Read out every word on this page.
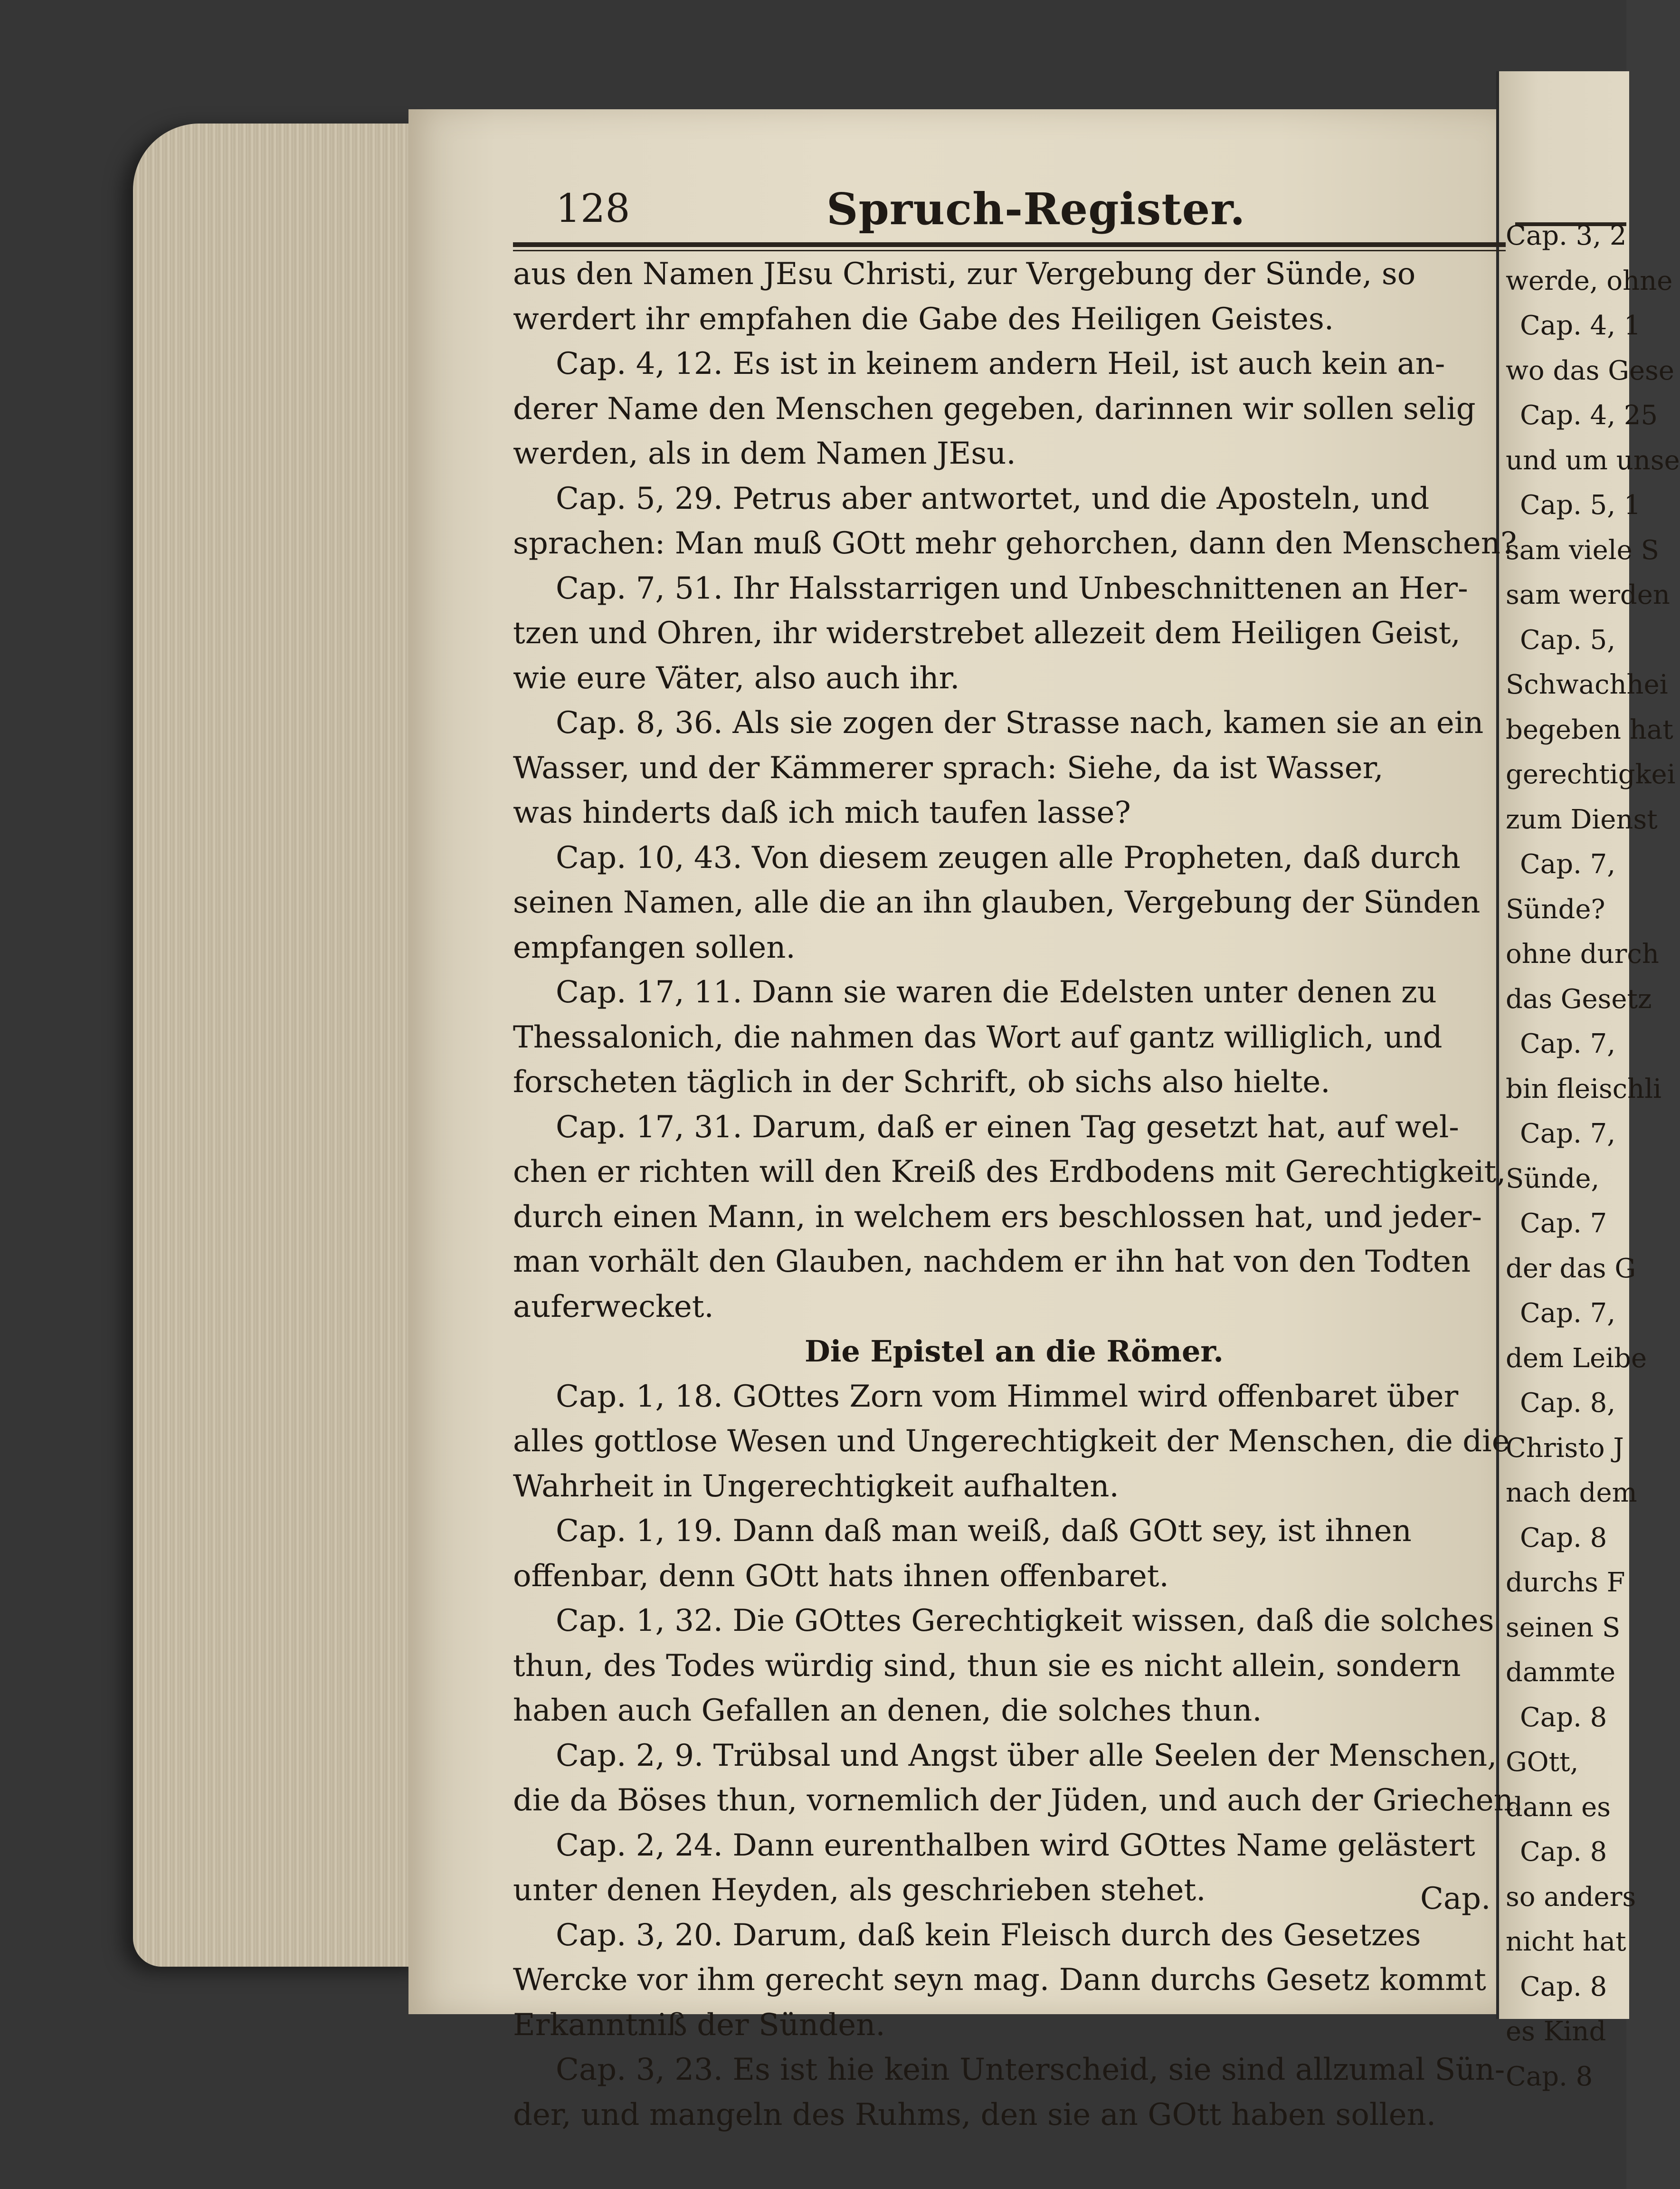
128	Spruch-Register.
aus den Namen JEsu Christi, zur Vergebung der Sünde, so
werdert ihr empfahen die Gabe des Heiligen Geistes.
Cap. 4, 12. Es ist in keinem andern Heil, ist auch kein an-
derer Name den Menschen gegeben, darinnen wir sollen selig
werden, als in dem Namen JEsu.
Cap. 5, 29. Petrus aber antwortet, und die Aposteln, und
sprachen: Man muß GOtt mehr gehorchen, dann den Menschen?
Cap. 7, 51. Ihr Halsstarrigen und Unbeschnittenen an Her-
tzen und Ohren, ihr widerstrebet allezeit dem Heiligen Geist,
wie eure Väter, also auch ihr.
Cap. 8, 36. Als sie zogen der Strasse nach, kamen sie an ein
Wasser, und der Kämmerer sprach: Siehe, da ist Wasser,
was hinderts daß ich mich taufen lasse?
Cap. 10, 43. Von diesem zeugen alle Propheten, daß durch
seinen Namen, alle die an ihn glauben, Vergebung der Sünden
empfangen sollen.
Cap. 17, 11. Dann sie waren die Edelsten unter denen zu
Thessalonich, die nahmen das Wort auf gantz williglich, und
forscheten täglich in der Schrift, ob sichs also hielte.
Cap. 17, 31. Darum, daß er einen Tag gesetzt hat, auf wel-
chen er richten will den Kreiß des Erdbodens mit Gerechtigkeit,
durch einen Mann, in welchem ers beschlossen hat, und jeder-
man vorhält den Glauben, nachdem er ihn hat von den Todten
auferwecket.
Die Epistel an die Römer.
Cap. 1, 18. GOttes Zorn vom Himmel wird offenbaret über
alles gottlose Wesen und Ungerechtigkeit der Menschen, die die
Wahrheit in Ungerechtigkeit aufhalten.
Cap. 1, 19. Dann daß man weiß, daß GOtt sey, ist ihnen
offenbar, denn GOtt hats ihnen offenbaret.
Cap. 1, 32. Die GOttes Gerechtigkeit wissen, daß die solches
thun, des Todes würdig sind, thun sie es nicht allein, sondern
haben auch Gefallen an denen, die solches thun.
Cap. 2, 9. Trübsal und Angst über alle Seelen der Menschen,
die da Böses thun, vornemlich der Jüden, und auch der Griechen.
Cap. 2, 24. Dann eurenthalben wird GOttes Name gelästert
unter denen Heyden, als geschrieben stehet.
Cap. 3, 20. Darum, daß kein Fleisch durch des Gesetzes
Wercke vor ihm gerecht seyn mag. Dann durchs Gesetz kommt
Erkanntniß der Sünden.
Cap. 3, 23. Es ist hie kein Unterscheid, sie sind allzumal Sün-
der, und mangeln des Ruhms, den sie an GOtt haben sollen.
Cap.
Cap. 3, 2
werde, ohne
Cap. 4, 1
wo das Gese
Cap. 4, 25
und um unse
Cap. 5, 1
sam viele S
sam werden
Cap. 5,
Schwachhei
begeben hat
gerechtigkei
zum Dienst
Cap. 7,
Sünde?
ohne durch
das Gesetz
Cap. 7,
bin fleischli
Cap. 7,
Sünde,
Cap. 7
der das G
Cap. 7,
dem Leibe
Cap. 8,
Christo J
nach dem
Cap. 8
durchs F
seinen S
dammte
Cap. 8
GOtt,
dann es
Cap. 8
so anders
nicht hat
Cap. 8
es Kind
Cap. 8
